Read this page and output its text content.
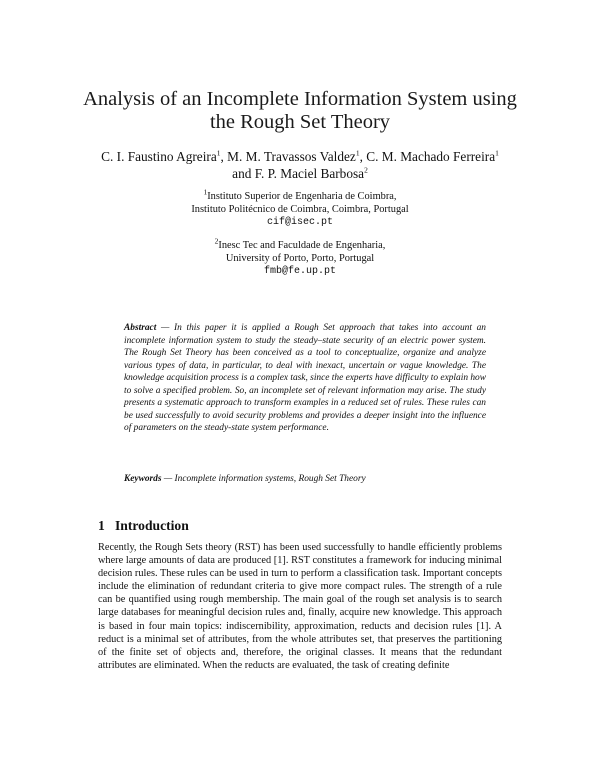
Analysis of an Incomplete Information System using
the Rough Set Theory
C. I. Faustino Agreira$^1$, M. M. Travassos Valdez$^1$, C. M. Machado Ferreira$^1$
and F. P. Maciel Barbosa$^2$
$^1$Instituto Superior de Engenharia de Coimbra,
Instituto Politécnico de Coimbra, Coimbra, Portugal
cif@isec.pt
$^2$Inesc Tec and Faculdade de Engenharia,
University of Porto, Porto, Portugal
fmb@fe.up.pt
Abstract — In this paper it is applied a Rough Set approach that takes into account an incomplete information system to study the steady–state security of an electric power system. The Rough Set Theory has been conceived as a tool to conceptualize, organize and analyze various types of data, in particular, to deal with inexact, uncertain or vague knowledge. The knowledge acquisition process is a complex task, since the experts have difficulty to explain how to solve a specified problem. So, an incomplete set of relevant information may arise. The study presents a systematic approach to transform examples in a reduced set of rules. These rules can be used successfully to avoid security problems and provides a deeper insight into the influence of parameters on the steady-state system performance.
Keywords — Incomplete information systems, Rough Set Theory
1 Introduction
Recently, the Rough Sets theory (RST) has been used successfully to handle efficiently problems where large amounts of data are produced [1]. RST constitutes a framework for inducing minimal decision rules. These rules can be used in turn to perform a classification task. Important concepts include the elimination of redundant criteria to give more compact rules. The strength of a rule can be quantified using rough membership. The main goal of the rough set analysis is to search large databases for meaningful decision rules and, finally, acquire new knowledge. This approach is based in four main topics: indiscernibility, approximation, reducts and decision rules [1]. A reduct is a minimal set of attributes, from the whole attributes set, that preserves the partitioning of the finite set of objects and, therefore, the original classes. It means that the redundant attributes are eliminated. When the reducts are evaluated, the task of creating definite
